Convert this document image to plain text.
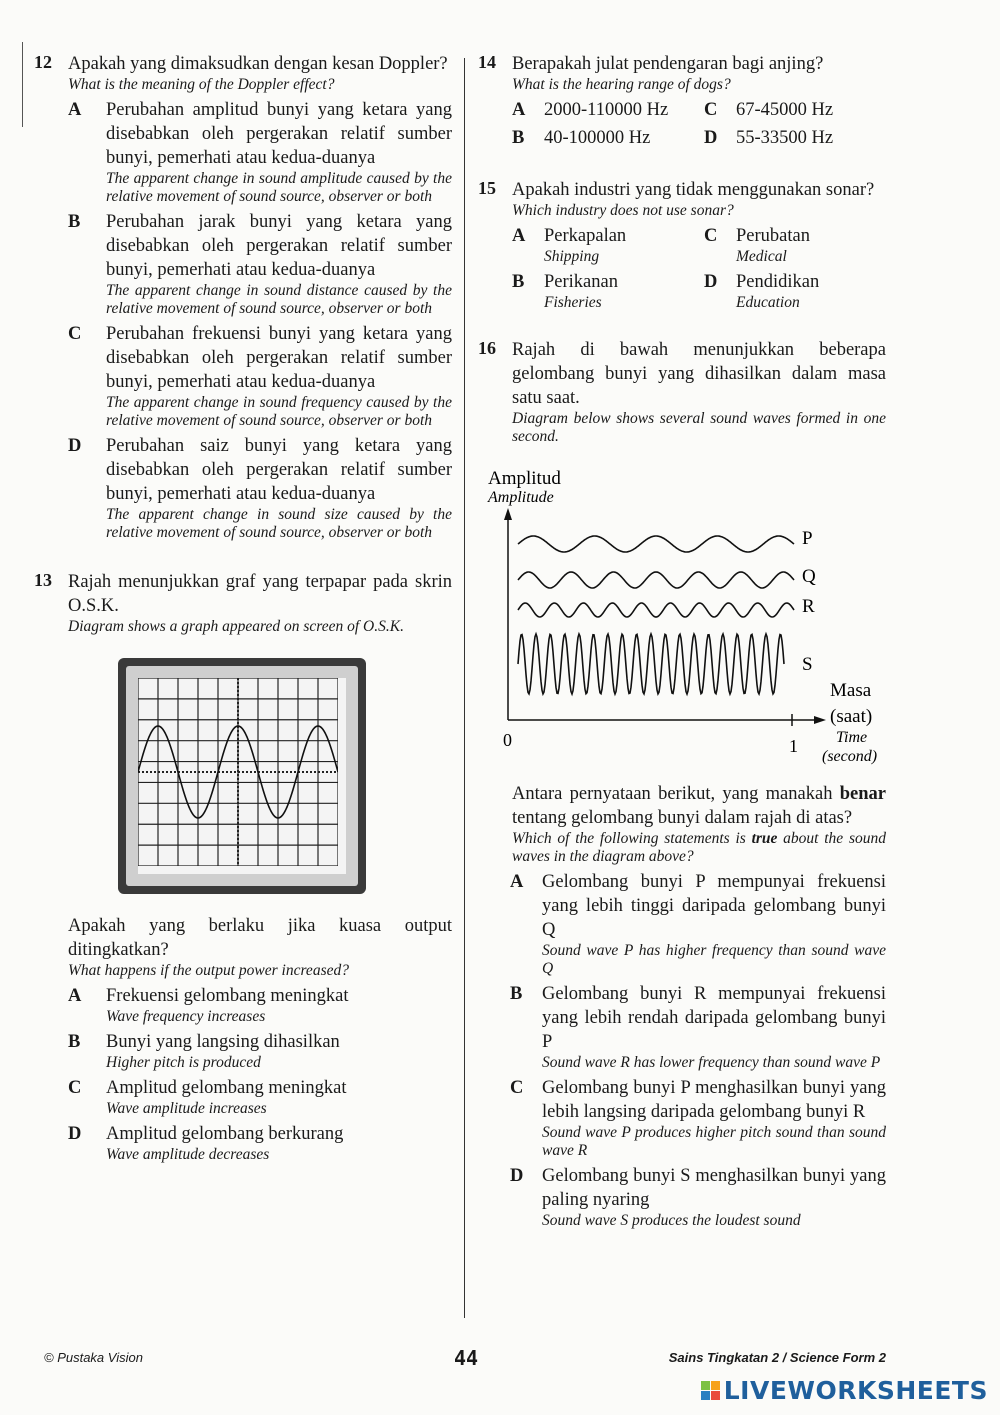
12 Apakah yang dimaksudkan dengan kesan Doppler?
What is the meaning of the Doppler effect?
A Perubahan amplitud bunyi yang ketara yang disebabkan oleh pergerakan relatif sumber bunyi, pemerhati atau kedua-duanya
The apparent change in sound amplitude caused by the relative movement of sound source, observer or both
B Perubahan jarak bunyi yang ketara yang disebabkan oleh pergerakan relatif sumber bunyi, pemerhati atau kedua-duanya
The apparent change in sound distance caused by the relative movement of sound source, observer or both
C Perubahan frekuensi bunyi yang ketara yang disebabkan oleh pergerakan relatif sumber bunyi, pemerhati atau kedua-duanya
The apparent change in sound frequency caused by the relative movement of sound source, observer or both
D Perubahan saiz bunyi yang ketara yang disebabkan oleh pergerakan relatif sumber bunyi, pemerhati atau kedua-duanya
The apparent change in sound size caused by the relative movement of sound source, observer or both
13 Rajah menunjukkan graf yang terpapar pada skrin O.S.K.
Diagram shows a graph appeared on screen of O.S.K.
Apakah yang berlaku jika kuasa output ditingkatkan?
What happens if the output power increased?
A Frekuensi gelombang meningkat
Wave frequency increases
B Bunyi yang langsing dihasilkan
Higher pitch is produced
C Amplitud gelombang meningkat
Wave amplitude increases
D Amplitud gelombang berkurang
Wave amplitude decreases
14 Berapakah julat pendengaran bagi anjing?
What is the hearing range of dogs?
A 2000-110000 Hz	C 67-45000 Hz
B 40-100000 Hz	D 55-33500 Hz
15 Apakah industri yang tidak menggunakan sonar?
Which industry does not use sonar?
A Perkapalan
Shipping
C Perubatan
Medical
B Perikanan
Fisheries
D Pendidikan
Education
16 Rajah di bawah menunjukkan beberapa gelombang bunyi yang dihasilkan dalam masa satu saat.
Diagram below shows several sound waves formed in one second.
Amplitud
Amplitude
0	1
Masa
(saat)
Time
(second)
P
Q
R
S
Antara pernyataan berikut, yang manakah benar tentang gelombang bunyi dalam rajah di atas?
Which of the following statements is true about the sound waves in the diagram above?
A Gelombang bunyi P mempunyai frekuensi yang lebih tinggi daripada gelombang bunyi Q
Sound wave P has higher frequency than sound wave Q
B Gelombang bunyi R mempunyai frekuensi yang lebih rendah daripada gelombang bunyi P
Sound wave R has lower frequency than sound wave P
C Gelombang bunyi P menghasilkan bunyi yang lebih langsing daripada gelombang bunyi R
Sound wave P produces higher pitch sound than sound wave R
D Gelombang bunyi S menghasilkan bunyi yang paling nyaring
Sound wave S produces the loudest sound
© Pustaka Vision	44	Sains Tingkatan 2 / Science Form 2
LIVEWORKSHEETS
